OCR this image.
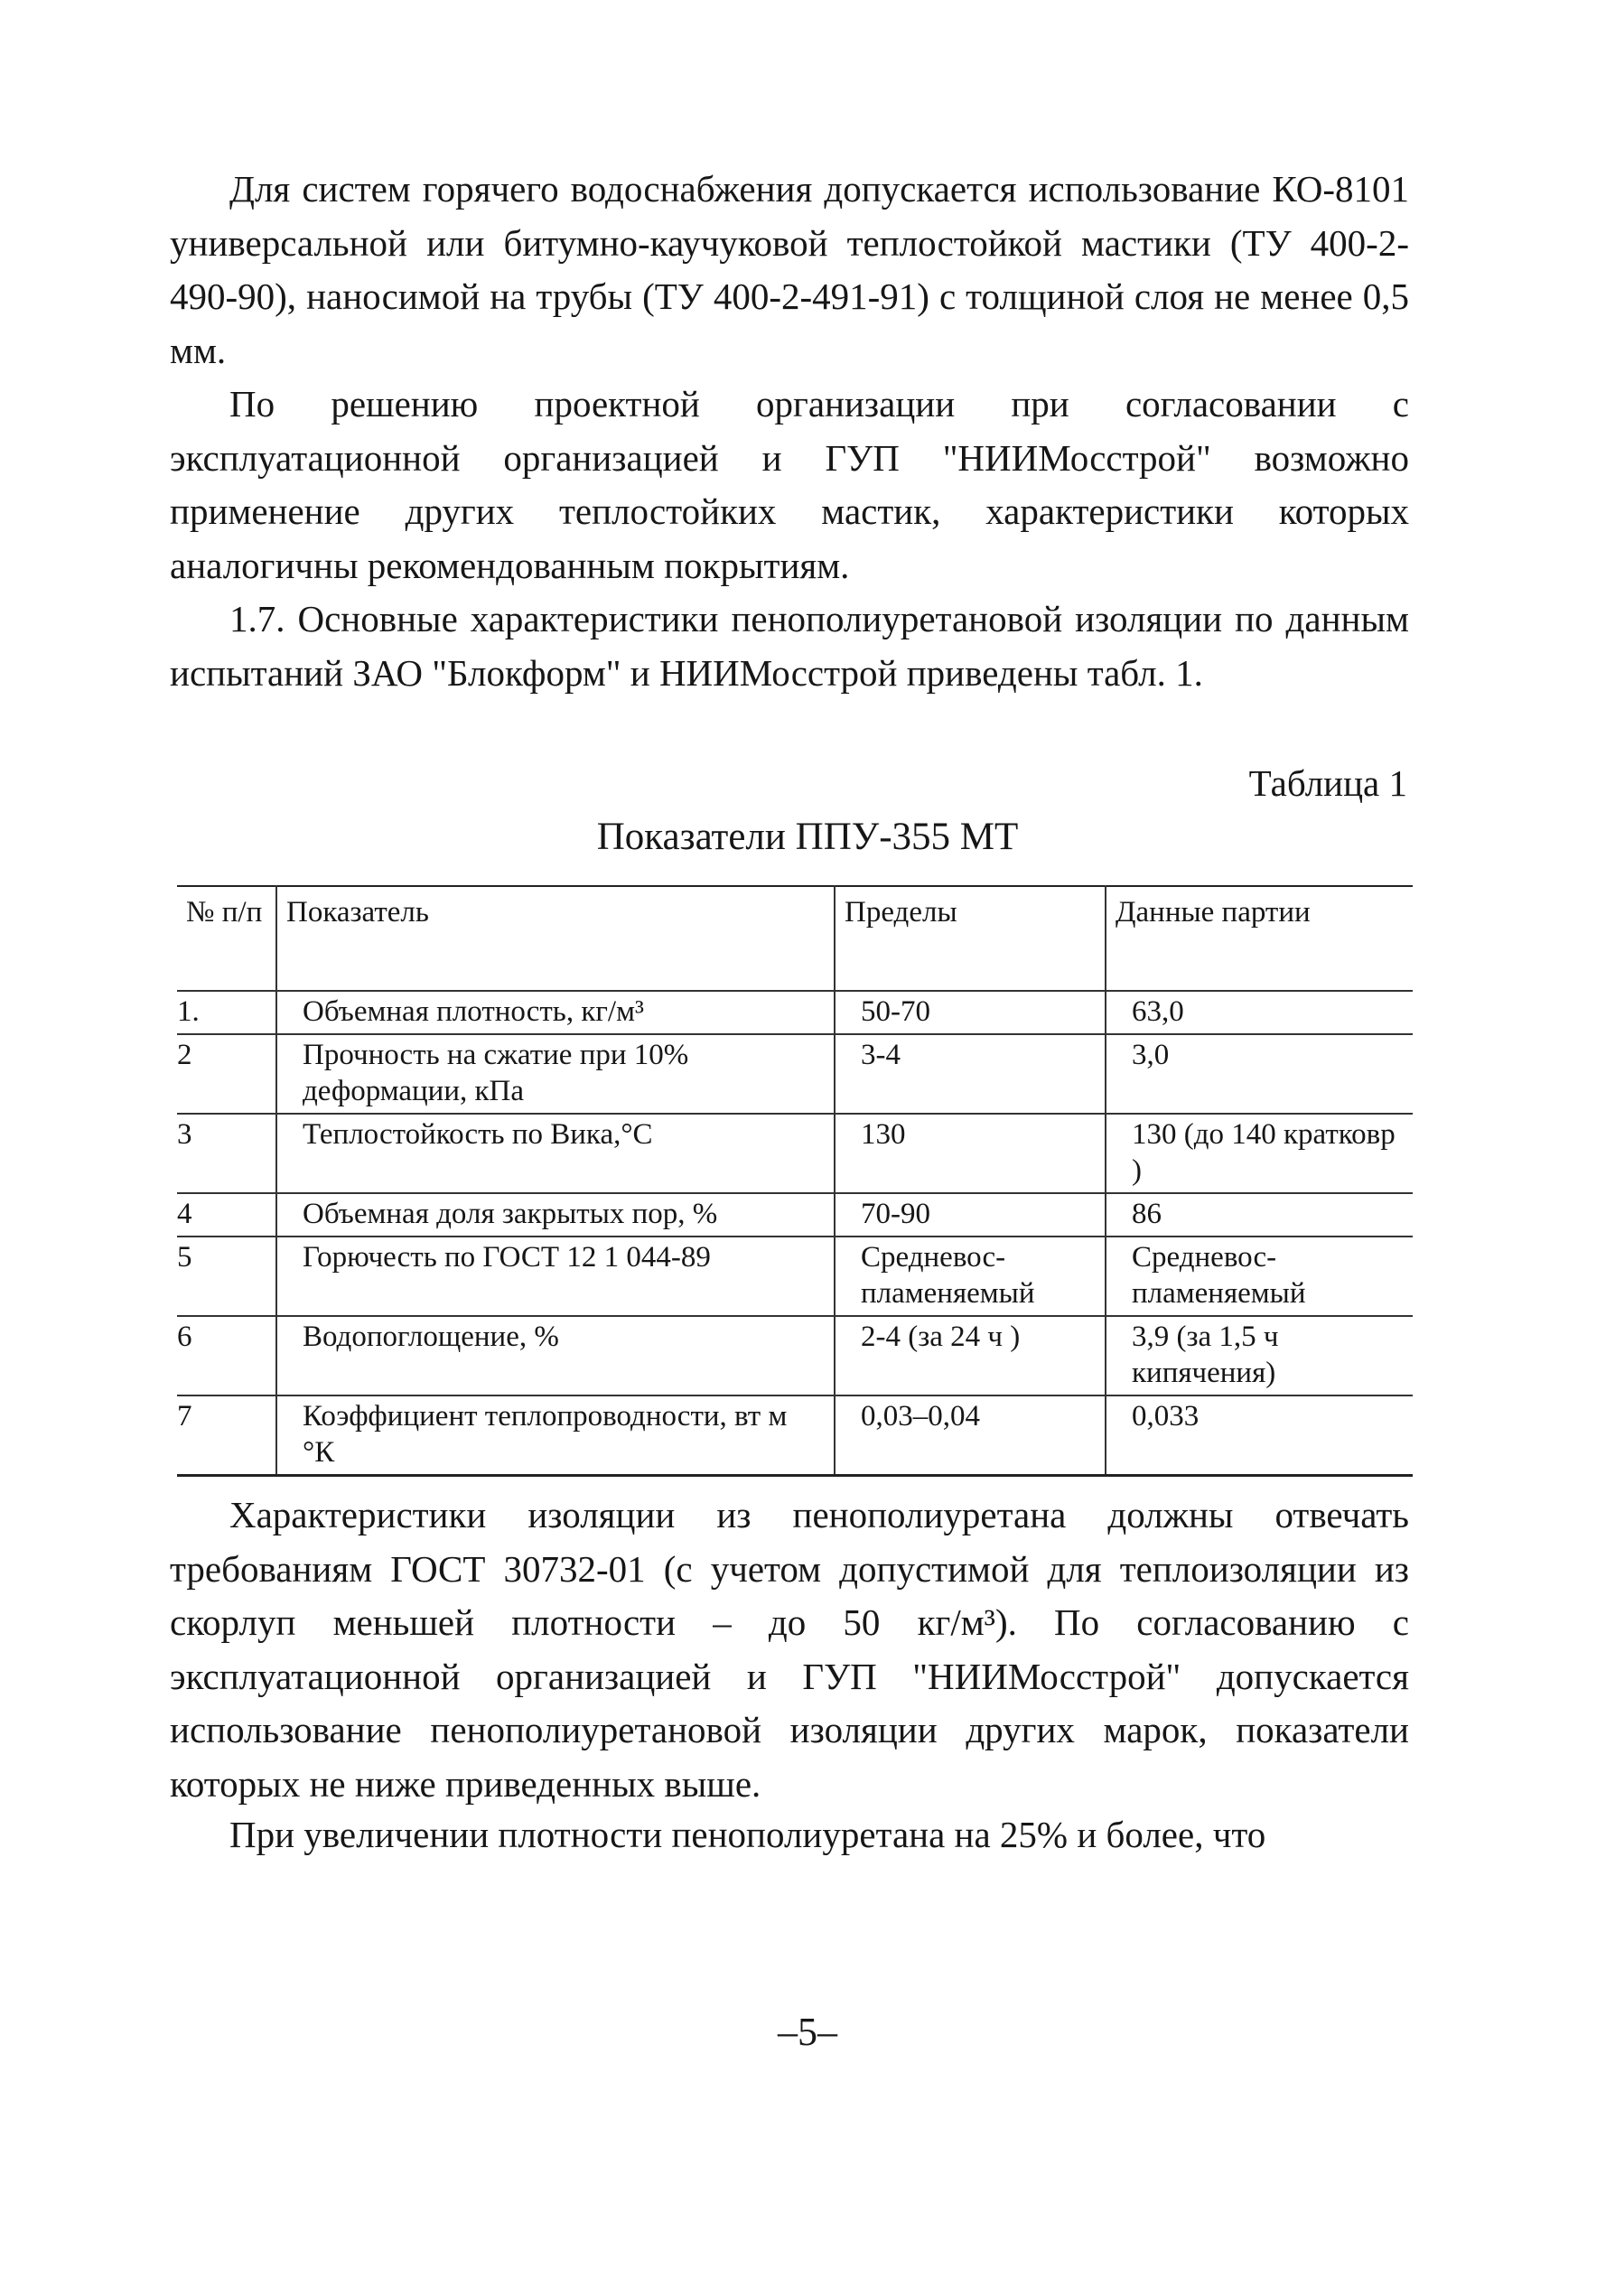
Для систем горячего водоснабжения допускается использование КО-8101 универсальной или битумно-каучуковой теплостойкой мастики (ТУ 400-2-490-90), наносимой на трубы (ТУ 400-2-491-91) с толщиной слоя не менее 0,5 мм.

По решению проектной организации при согласовании с эксплуатационной организацией и ГУП "НИИМосстрой" возможно применение других теплостойких мастик, характеристики которых аналогичны рекомендованным покрытиям.

1.7. Основные характеристики пенополиуретановой изоляции по данным испытаний ЗАО "Блокформ" и НИИМосстрой приведены табл. 1.

Таблица 1

Показатели ППУ-355 МТ

№ п/п	Показатель	Пределы	Данные партии
1.	Объемная плотность, кг/м³	50-70	63,0
2	Прочность на сжатие при 10% деформации, кПа	3-4	3,0
3	Теплостойкость по Вика,°С	130	130 (до 140 кратковр )
4	Объемная доля закрытых пор, %	70-90	86
5	Горючесть по ГОСТ 12 1 044-89	Средневос-пламеняемый	Средневос-пламеняемый
6	Водопоглощение, %	2-4 (за 24 ч )	3,9 (за 1,5 ч кипячения)
7	Коэффициент теплопроводности, вт м °К	0,03–0,04	0,033

Характеристики изоляции из пенополиуретана должны отвечать требованиям ГОСТ 30732-01 (с учетом допустимой для теплоизоляции из скорлуп меньшей плотности – до 50 кг/м³). По согласованию с эксплуатационной организацией и ГУП "НИИМосстрой" допускается использование пенополиуретановой изоляции других марок, показатели которых не ниже приведенных выше.

При увеличении плотности пенополиуретана на 25% и более, что

–5–
